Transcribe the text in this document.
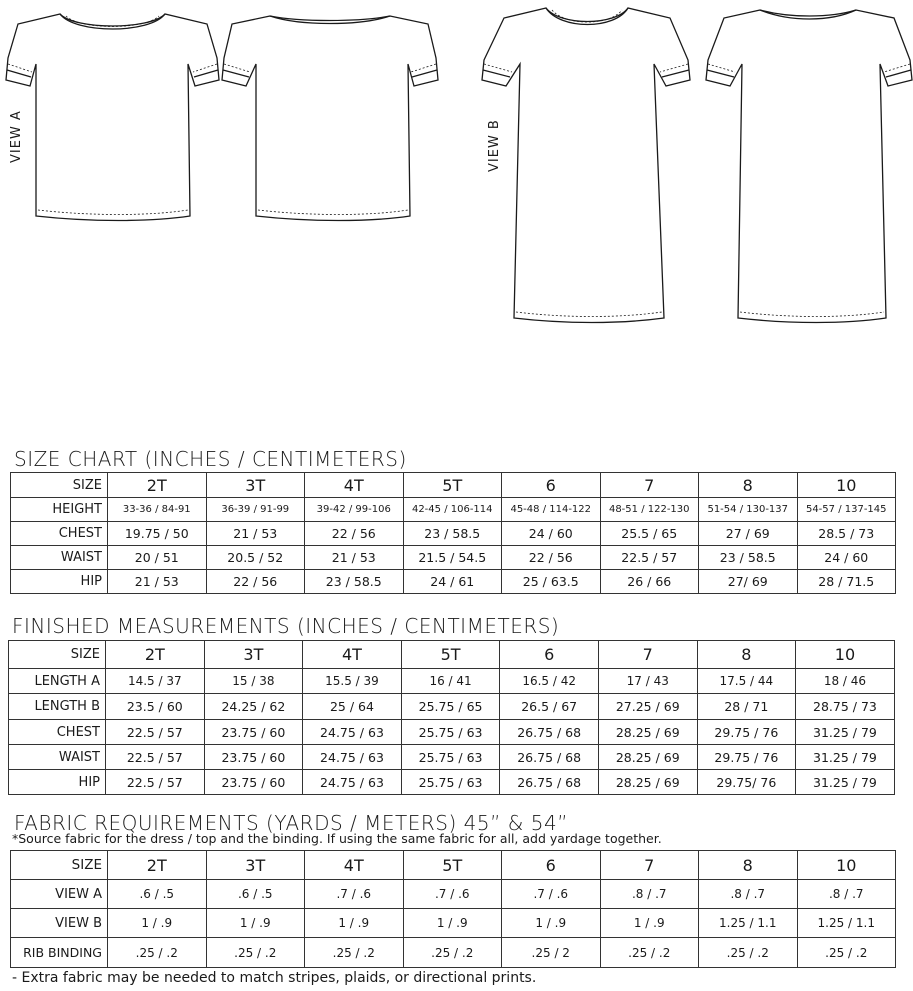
VIEW A	VIEW B
SIZE CHART (INCHES / CENTIMETERS)
SIZE	2T	3T	4T	5T	6	7	8	10
HEIGHT	33-36 / 84-91	36-39 / 91-99	39-42 / 99-106	42-45 / 106-114	45-48 / 114-122	48-51 / 122-130	51-54 / 130-137	54-57 / 137-145
CHEST	19.75 / 50	21 / 53	22 / 56	23 / 58.5	24 / 60	25.5 / 65	27 / 69	28.5 / 73
WAIST	20 / 51	20.5 / 52	21 / 53	21.5 / 54.5	22 / 56	22.5 / 57	23 / 58.5	24 / 60
HIP	21 / 53	22 / 56	23 / 58.5	24 / 61	25 / 63.5	26 / 66	27/ 69	28 / 71.5
FINISHED MEASUREMENTS (INCHES / CENTIMETERS)
SIZE	2T	3T	4T	5T	6	7	8	10
LENGTH A	14.5 / 37	15 / 38	15.5 / 39	16 / 41	16.5 / 42	17 / 43	17.5 / 44	18 / 46
LENGTH B	23.5 / 60	24.25 / 62	25 / 64	25.75 / 65	26.5 / 67	27.25 / 69	28 / 71	28.75 / 73
CHEST	22.5 / 57	23.75 / 60	24.75 / 63	25.75 / 63	26.75 / 68	28.25 / 69	29.75 / 76	31.25 / 79
WAIST	22.5 / 57	23.75 / 60	24.75 / 63	25.75 / 63	26.75 / 68	28.25 / 69	29.75 / 76	31.25 / 79
HIP	22.5 / 57	23.75 / 60	24.75 / 63	25.75 / 63	26.75 / 68	28.25 / 69	29.75/ 76	31.25 / 79
FABRIC REQUIREMENTS (YARDS / METERS) 45” & 54”
*Source fabric for the dress / top and the binding. If using the same fabric for all, add yardage together.
SIZE	2T	3T	4T	5T	6	7	8	10
VIEW A	.6 / .5	.6 / .5	.7 / .6	.7 / .6	.7 / .6	.8 / .7	.8 / .7	.8 / .7
VIEW B	1 / .9	1 / .9	1 / .9	1 / .9	1 / .9	1 / .9	1.25 / 1.1	1.25 / 1.1
RIB BINDING	.25 / .2	.25 / .2	.25 / .2	.25 / .2	.25 / 2	.25 / .2	.25 / .2	.25 / .2
- Extra fabric may be needed to match stripes, plaids, or directional prints.
